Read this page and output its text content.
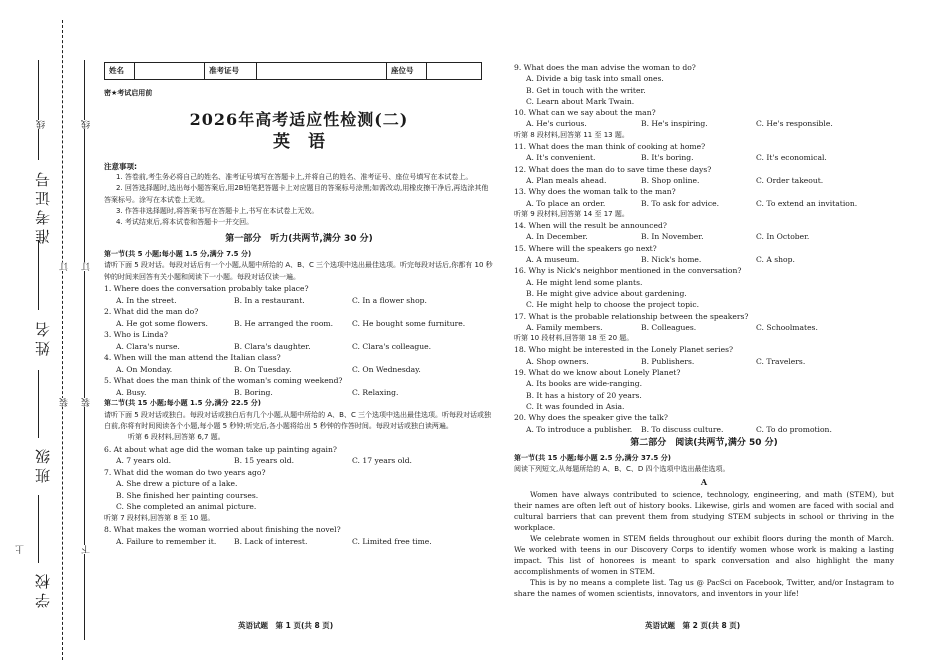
准考证号
姓名
班级
学校
线	线
订 订
装 装
上	下
姓名		准考证号		座位号	
密★考试启用前
2026年高考适应性检测(二)
英语
注意事项:
1. 答卷前,考生务必将自己的姓名、准考证号填写在答题卡上,并将自己的姓名、准考证号、座位号填写在本试卷上。
2. 回答选择题时,选出每小题答案后,用2B铅笔把答题卡上对应题目的答案标号涂黑;如需改动,用橡皮擦干净后,再选涂其他答案标号。涂写在本试卷上无效。
3. 作答非选择题时,将答案书写在答题卡上,书写在本试卷上无效。
4. 考试结束后,将本试卷和答题卡一并交回。
第一部分　听力(共两节,满分 30 分)
第一节(共 5 小题;每小题 1.5 分,满分 7.5 分)
请听下面 5 段对话。每段对话后有一个小题,从题中所给的 A、B、C 三个选项中选出最佳选项。听完每段对话后,你都有 10 秒钟的时间来回答有关小题和阅读下一小题。每段对话仅读一遍。
1. Where does the conversation probably take place?
A. In the street.	B. In a restaurant.	C. In a flower shop.
2. What did the man do?
A. He got some flowers.	B. He arranged the room.	C. He bought some furniture.
3. Who is Linda?
A. Clara's nurse.	B. Clara's daughter.	C. Clara's colleague.
4. When will the man attend the Italian class?
A. On Monday.	B. On Tuesday.	C. On Wednesday.
5. What does the man think of the woman's coming weekend?
A. Busy.	B. Boring.	C. Relaxing.
第二节(共 15 小题;每小题 1.5 分,满分 22.5 分)
请听下面 5 段对话或独白。每段对话或独白后有几个小题,从题中所给的 A、B、C 三个选项中选出最佳选项。听每段对话或独白前,你将有时间阅读各个小题,每小题 5 秒钟;听完后,各小题将给出 5 秒钟的作答时间。每段对话或独白读两遍。
听第 6 段材料,回答第 6,7 题。
6. At about what age did the woman take up painting again?
A. 7 years old.	B. 15 years old.	C. 17 years old.
7. What did the woman do two years ago?
A. She drew a picture of a lake.
B. She finished her painting courses.
C. She completed an animal picture.
听第 7 段材料,回答第 8 至 10 题。
8. What makes the woman worried about finishing the novel?
A. Failure to remember it.	B. Lack of interest.	C. Limited free time.
英语试题　第 1 页(共 8 页)
9. What does the man advise the woman to do?
A. Divide a big task into small ones.
B. Get in touch with the writer.
C. Learn about Mark Twain.
10. What can we say about the man?
A. He's curious.	B. He's inspiring.	C. He's responsible.
听第 8 段材料,回答第 11 至 13 题。
11. What does the man think of cooking at home?
A. It's convenient.	B. It's boring.	C. It's economical.
12. What does the man do to save time these days?
A. Plan meals ahead.	B. Shop online.	C. Order takeout.
13. Why does the woman talk to the man?
A. To place an order.	B. To ask for advice.	C. To extend an invitation.
听第 9 段材料,回答第 14 至 17 题。
14. When will the result be announced?
A. In December.	B. In November.	C. In October.
15. Where will the speakers go next?
A. A museum.	B. Nick's home.	C. A shop.
16. Why is Nick's neighbor mentioned in the conversation?
A. He might lend some plants.
B. He might give advice about gardening.
C. He might help to choose the project topic.
17. What is the probable relationship between the speakers?
A. Family members.	B. Colleagues.	C. Schoolmates.
听第 10 段材料,回答第 18 至 20 题。
18. Who might be interested in the Lonely Planet series?
A. Shop owners.	B. Publishers.	C. Travelers.
19. What do we know about Lonely Planet?
A. Its books are wide-ranging.
B. It has a history of 20 years.
C. It was founded in Asia.
20. Why does the speaker give the talk?
A. To introduce a publisher.	B. To discuss culture.	C. To do promotion.
第二部分　阅读(共两节,满分 50 分)
第一节(共 15 小题;每小题 2.5 分,满分 37.5 分)
阅读下列短文,从每题所给的 A、B、C、D 四个选项中选出最佳选项。
A
Women have always contributed to science, technology, engineering, and math (STEM), but their names are often left out of history books. Likewise, girls and women are faced with social and cultural barriers that can prevent them from studying STEM subjects in school or thriving in the workplace.
We celebrate women in STEM fields throughout our exhibit floors during the month of March. We worked with teens in our Discovery Corps to identify women whose work is making a lasting impact. This list of honorees is meant to spark conversation and also highlight the many accomplishments of women in STEM.
This is by no means a complete list. Tag us @ PacSci on Facebook, Twitter, and/or Instagram to share the names of women scientists, innovators, and inventors in your life!
英语试题　第 2 页(共 8 页)
